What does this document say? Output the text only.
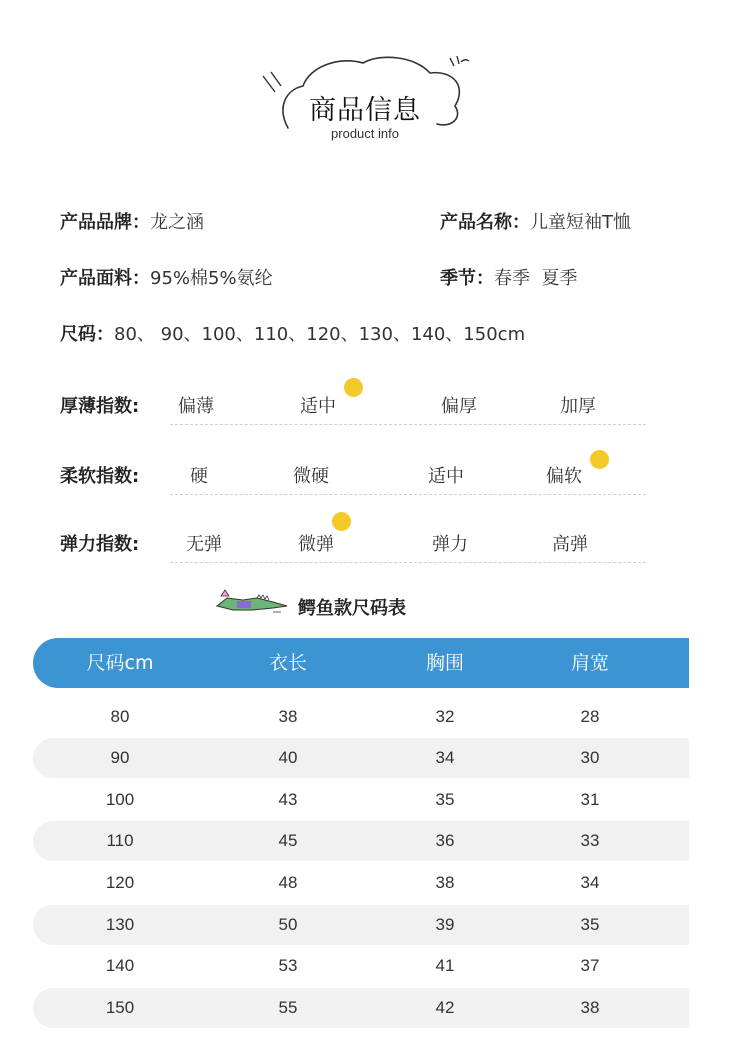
商品信息
product info
产品品牌：龙之涵	产品名称：儿童短袖T恤
产品面料：95%棉5%氨纶	季节：春季  夏季
尺码：80、 90、100、110、120、130、140、150cm
厚薄指数: 偏薄	适中	偏厚	加厚
柔软指数:	硬	微硬	适中	偏软
弹力指数:	无弹	微弹	弹力	高弹
鳄鱼款尺码表
尺码cm	衣长	胸围	肩宽
80	38	32	28
90	40	34	30
100	43	35	31
110	45	36	33
120	48	38	34
130	50	39	35
140	53	41	37
150	55	42	38
